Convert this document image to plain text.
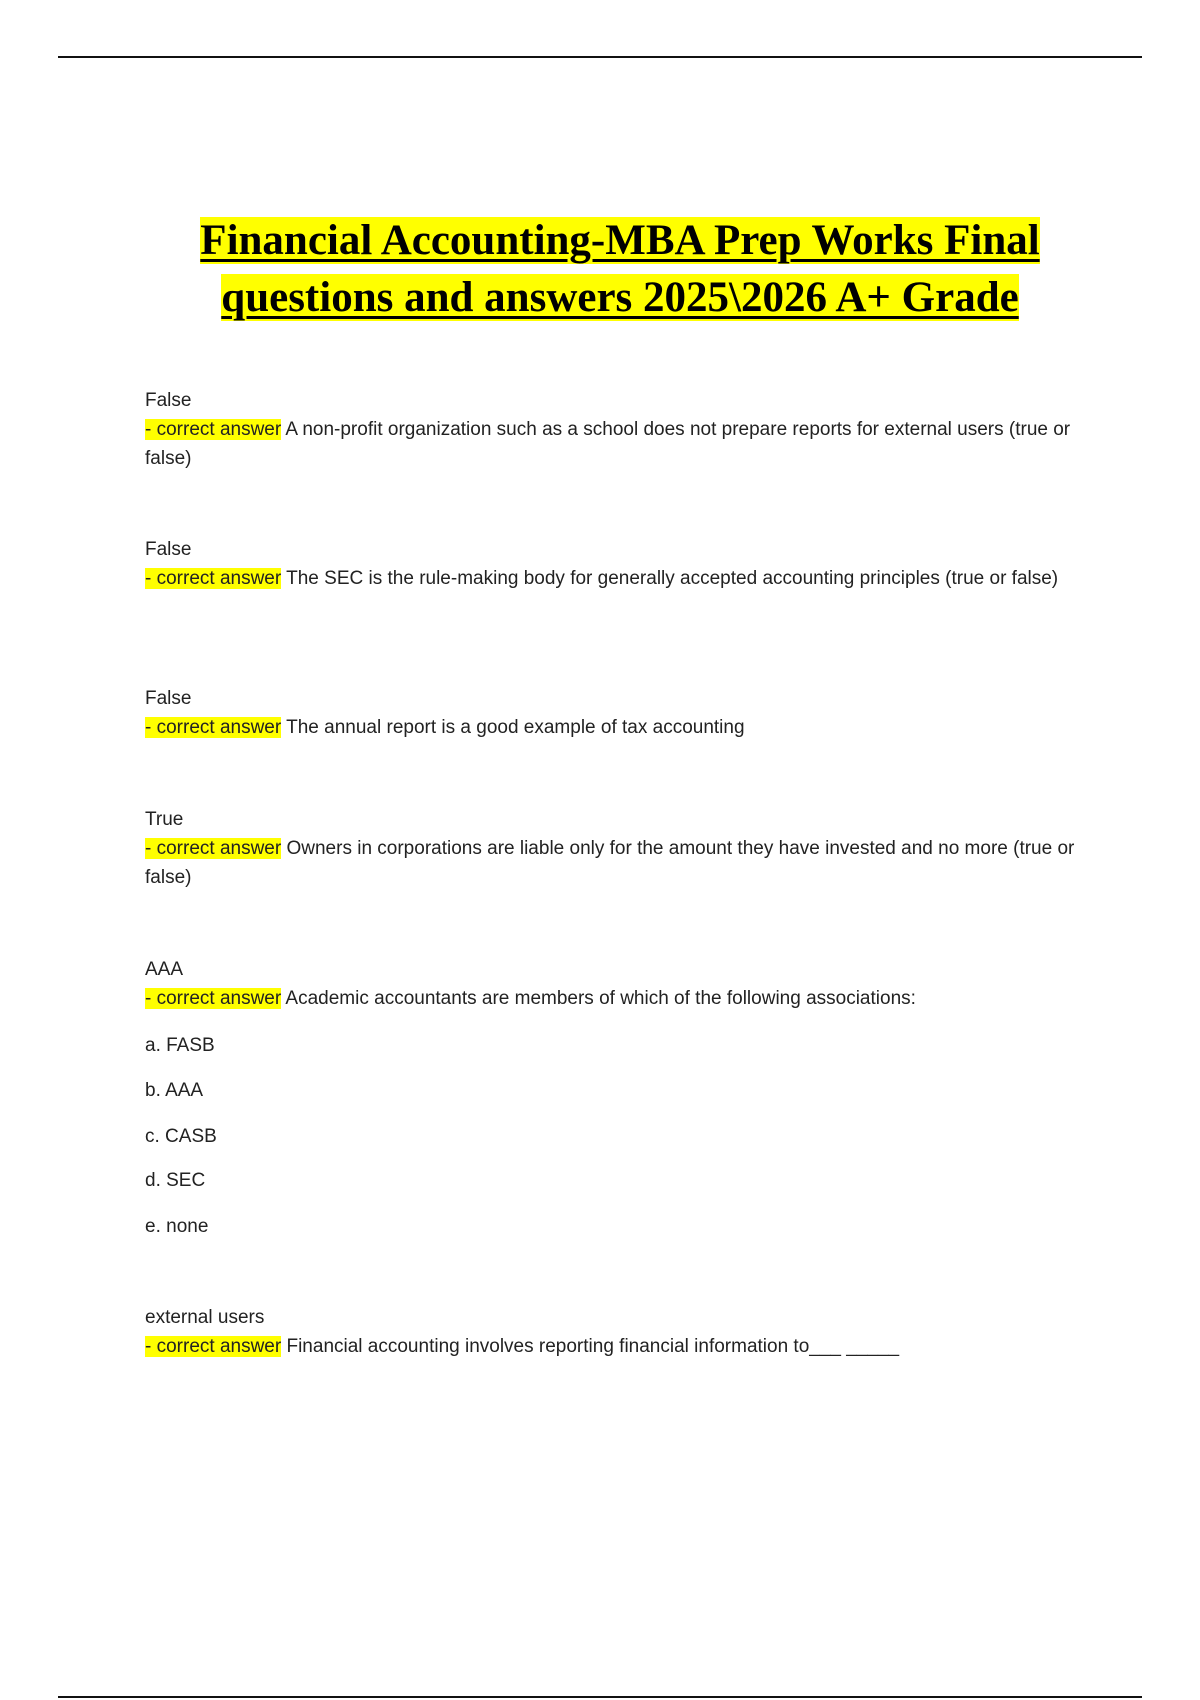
Financial Accounting-MBA Prep Works Final
questions and answers 2025\2026 A+ Grade
False
- correct answer A non-profit organization such as a school does not prepare reports for external users (true or false)
False
- correct answer The SEC is the rule-making body for generally accepted accounting principles (true or false)
False
- correct answer The annual report is a good example of tax accounting
True
- correct answer Owners in corporations are liable only for the amount they have invested and no more (true or false)
AAA
- correct answer Academic accountants are members of which of the following associations:
a. FASB
b. AAA
c. CASB
d. SEC
e. none
external users
- correct answer Financial accounting involves reporting financial information to___ _____
